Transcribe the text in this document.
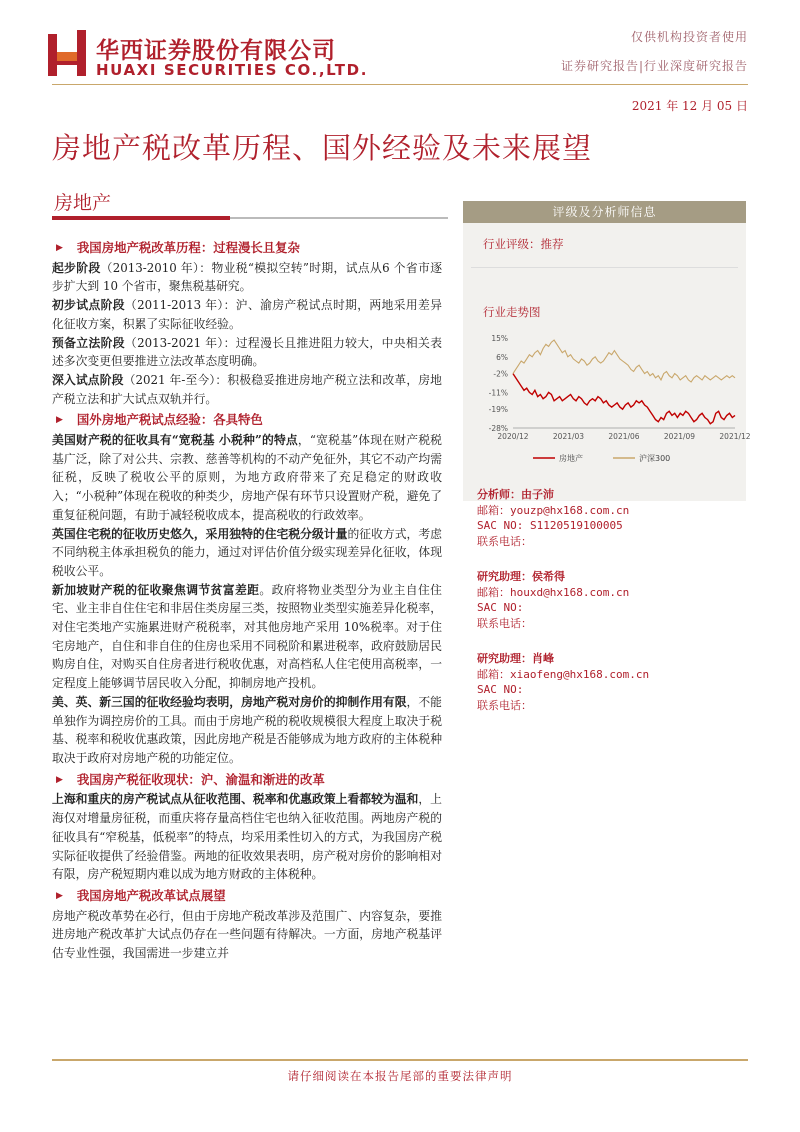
华西证券股份有限公司
HUAXI SECURITIES CO.,LTD.
仅供机构投资者使用
证券研究报告|行业深度研究报告
2021 年 12 月 05 日
房地产税改革历程、国外经验及未来展望
房地产
▶ 我国房地产税改革历程：过程漫长且复杂

起步阶段（2013-2010 年）：物业税“模拟空转”时期，试点从6 个省市逐步扩大到 10 个省市，聚焦税基研究。

初步试点阶段（2011-2013 年）：沪、渝房产税试点时期，两地采用差异化征收方案，积累了实际征收经验。

预备立法阶段（2013-2021 年）：过程漫长且推进阻力较大，中央相关表述多次变更但要推进立法改革态度明确。

深入试点阶段（2021 年-至今）：积极稳妥推进房地产税立法和改革，房地产税立法和扩大试点双轨并行。

▶ 国外房地产税试点经验：各具特色

美国财产税的征收具有“宽税基 小税种”的特点，“宽税基”体现在财产税税基广泛，除了对公共、宗教、慈善等机构的不动产免征外，其它不动产均需征税，反映了税收公平的原则，为地方政府带来了充足稳定的财政收入；“小税种”体现在税收的种类少，房地产保有环节只设置财产税，避免了重复征税问题，有助于减轻税收成本，提高税收的行政效率。

英国住宅税的征收历史悠久，采用独特的住宅税分级计量的征收方式，考虑不同纳税主体承担税负的能力，通过对评估价值分级实现差异化征收，体现税收公平。

新加坡财产税的征收聚焦调节贫富差距。政府将物业类型分为业主自住住宅、业主非自住住宅和非居住类房屋三类，按照物业类型实施差异化税率，对住宅类地产实施累进财产税税率，对其他房地产采用 10%税率。对于住宅房地产，自住和非自住的住房也采用不同税阶和累进税率，政府鼓励居民购房自住，对购买自住房者进行税收优惠，对高档私人住宅使用高税率，一定程度上能够调节居民收入分配，抑制房地产投机。

美、英、新三国的征收经验均表明，房地产税对房价的抑制作用有限，不能单独作为调控房价的工具。而由于房地产税的税收规模很大程度上取决于税基、税率和税收优惠政策，因此房地产税是否能够成为地方政府的主体税种取决于政府对房地产税的功能定位。

▶ 我国房产税征收现状：沪、渝温和渐进的改革

上海和重庆的房产税试点从征收范围、税率和优惠政策上看都较为温和，上海仅对增量房征税，而重庆将存量高档住宅也纳入征收范围。两地房产税的征收具有“窄税基，低税率”的特点，均采用柔性切入的方式，为我国房产税实际征收提供了经验借鉴。两地的征收效果表明，房产税对房价的影响相对有限，房产税短期内难以成为地方财政的主体税种。

▶ 我国房地产税改革试点展望

房地产税改革势在必行，但由于房地产税改革涉及范围广、内容复杂，要推进房地产税改革扩大试点仍存在一些问题有待解决。一方面，房地产税基评估专业性强，我国需进一步建立并

评级及分析师信息
行业评级：推荐
行业走势图
15%
6%
-2%
-11%
-19%
-28%
2020/12	2021/03	2021/06	2021/09	2021/12
房地产	沪深300
分析师：由子沛
邮箱：youzp@hx168.com.cn
SAC NO: S1120519100005
联系电话：
研究助理：侯希得
邮箱：houxd@hx168.com.cn
SAC NO:
联系电话：
研究助理：肖峰
邮箱：xiaofeng@hx168.com.cn
SAC NO:
联系电话：
请仔细阅读在本报告尾部的重要法律声明
